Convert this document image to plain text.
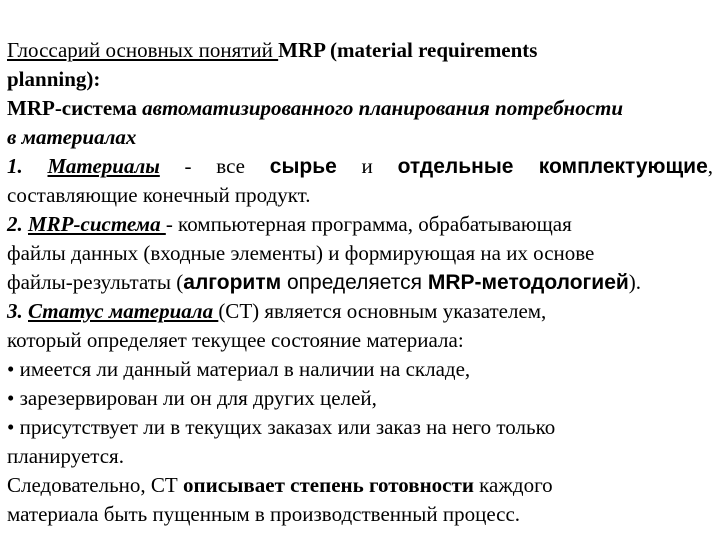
Глоссарий основных понятий MRP (material requirements

planning):

MRP-система автоматизированного планирования потребности

в материалах

1. Материалы - все сырье и отдельные комплектующие,

составляющие конечный продукт.

2. MRP-система - компьютерная программа, обрабатывающая

файлы данных (входные элементы) и формирующая на их основе

файлы-результаты (алгоритм определяется MRP-методологией).

3. Статус материала (СТ) является основным указателем,

который определяет текущее состояние материала:

• имеется ли данный материал в наличии на складе,

• зарезервирован ли он для других целей,

• присутствует ли в текущих заказах или заказ на него только

планируется.

Следовательно, СТ описывает степень готовности каждого

материала быть пущенным в производственный процесс.
